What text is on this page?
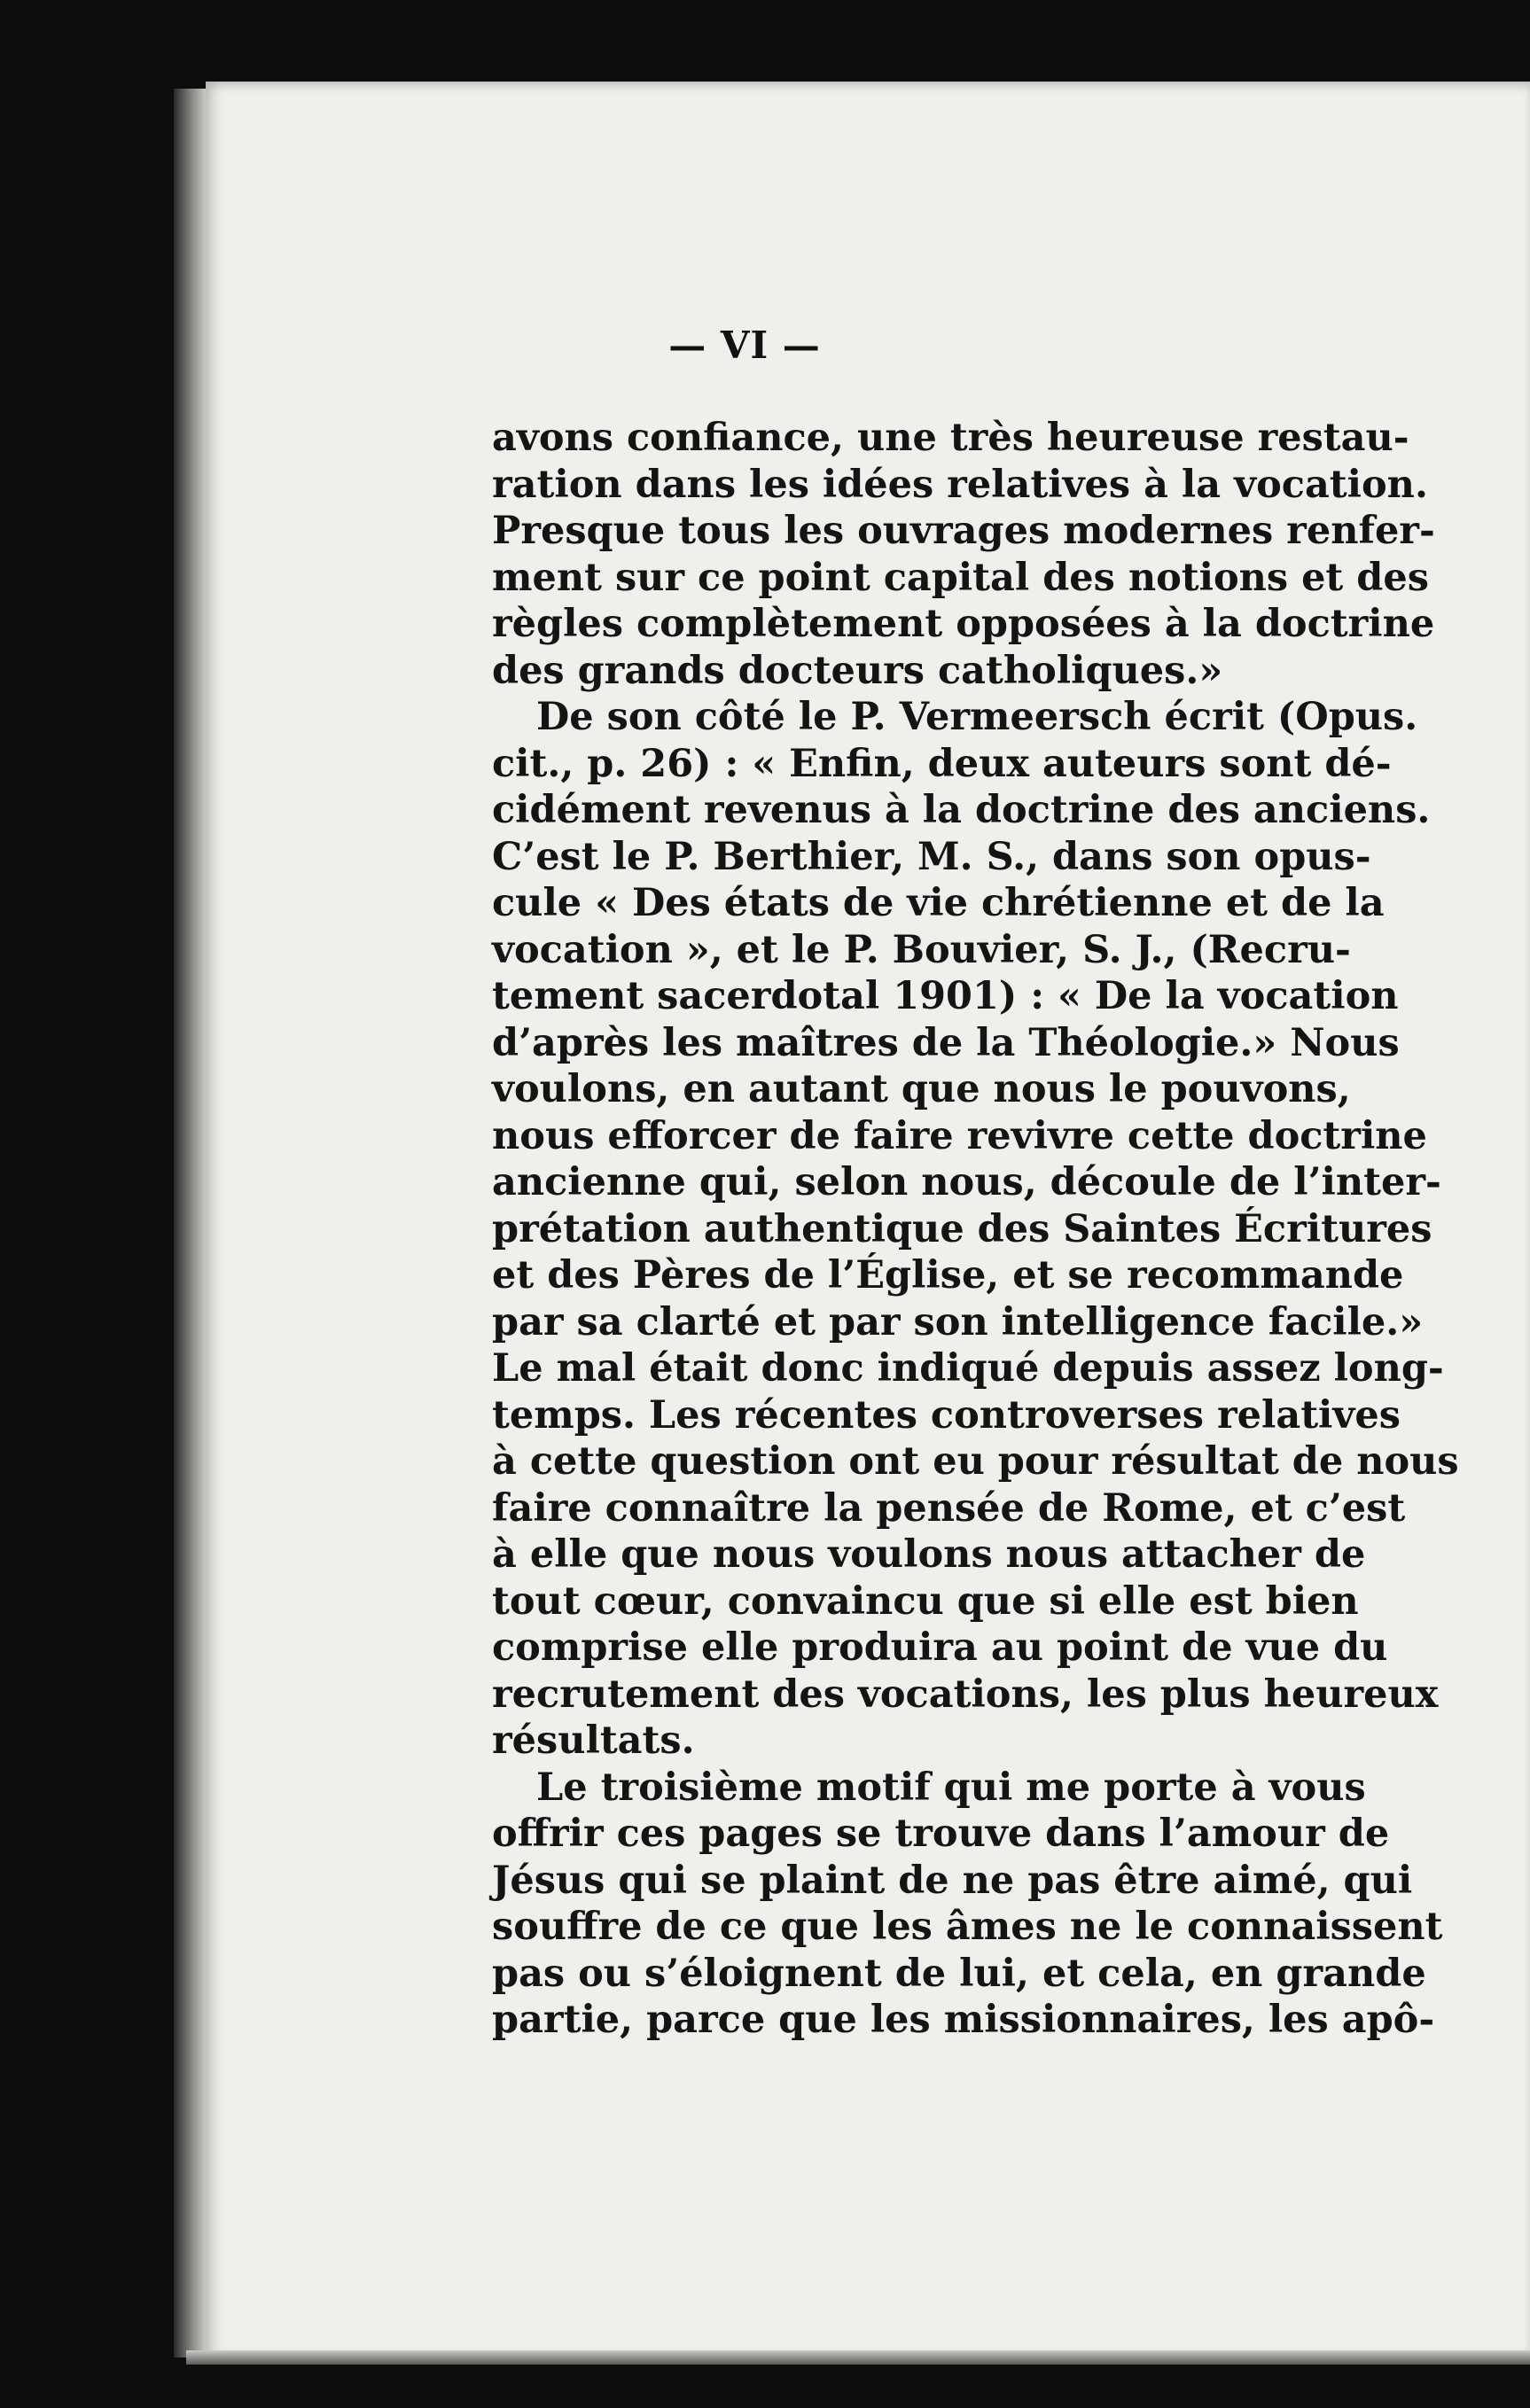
— VI —
avons confiance, une très heureuse restau-
ration dans les idées relatives à la vocation.
Presque tous les ouvrages modernes renfer-
ment sur ce point capital des notions et des
règles complètement opposées à la doctrine
des grands docteurs catholiques.»
De son côté le P. Vermeersch écrit (Opus.
cit., p. 26) : « Enfin, deux auteurs sont dé-
cidément revenus à la doctrine des anciens.
C’est le P. Berthier, M. S., dans son opus-
cule « Des états de vie chrétienne et de la
vocation », et le P. Bouvier, S. J., (Recru-
tement sacerdotal 1901) : « De la vocation
d’après les maîtres de la Théologie.» Nous
voulons, en autant que nous le pouvons,
nous efforcer de faire revivre cette doctrine
ancienne qui, selon nous, découle de l’inter-
prétation authentique des Saintes Écritures
et des Pères de l’Église, et se recommande
par sa clarté et par son intelligence facile.»
Le mal était donc indiqué depuis assez long-
temps. Les récentes controverses relatives
à cette question ont eu pour résultat de nous
faire connaître la pensée de Rome, et c’est
à elle que nous voulons nous attacher de
tout cœur, convaincu que si elle est bien
comprise elle produira au point de vue du
recrutement des vocations, les plus heureux
résultats.
Le troisième motif qui me porte à vous
offrir ces pages se trouve dans l’amour de
Jésus qui se plaint de ne pas être aimé, qui
souffre de ce que les âmes ne le connaissent
pas ou s’éloignent de lui, et cela, en grande
partie, parce que les missionnaires, les apô-
